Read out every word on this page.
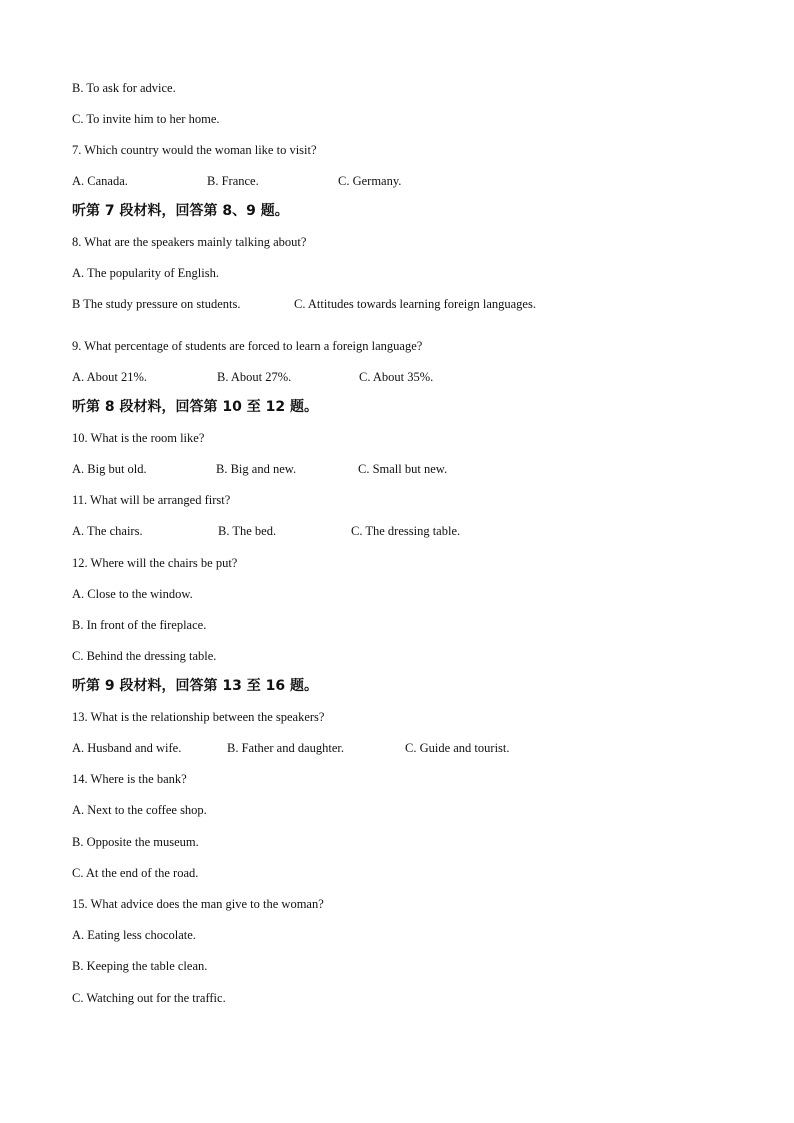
B. To ask for advice.
C. To invite him to her home.
7. Which country would the woman like to visit?
A. Canada.	B. France.	C. Germany.
听第 7 段材料，回答第 8、9 题。
8. What are the speakers mainly talking about?
A. The popularity of English.
B The study pressure on students.	C. Attitudes towards learning foreign languages.
9. What percentage of students are forced to learn a foreign language?
A. About 21%.	B. About 27%.	C. About 35%.
听第 8 段材料，回答第 10 至 12 题。
10. What is the room like?
A. Big but old.	B. Big and new.	C. Small but new.
11. What will be arranged first?
A. The chairs.	B. The bed.	C. The dressing table.
12. Where will the chairs be put?
A. Close to the window.
B. In front of the fireplace.
C. Behind the dressing table.
听第 9 段材料，回答第 13 至 16 题。
13. What is the relationship between the speakers?
A. Husband and wife.	B. Father and daughter.	C. Guide and tourist.
14. Where is the bank?
A. Next to the coffee shop.
B. Opposite the museum.
C. At the end of the road.
15. What advice does the man give to the woman?
A. Eating less chocolate.
B. Keeping the table clean.
C. Watching out for the traffic.
